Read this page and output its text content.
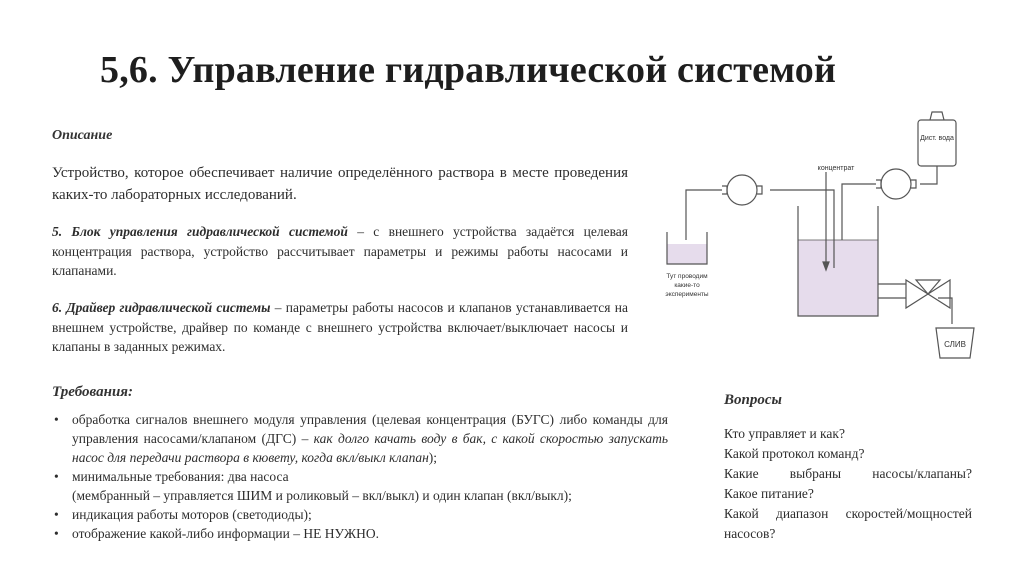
5,6. Управление гидравлической системой
Описание
Устройство, которое обеспечивает наличие определённого раствора в месте проведения каких-то лабораторных исследований.
5. Блок управления гидравлической системой – с внешнего устройства задаётся целевая концентрация раствора, устройство рассчитывает параметры и режимы работы насосами и клапанами.
6. Драйвер гидравлической системы – параметры работы насосов и клапанов устанавливается на внешнем устройстве, драйвер по команде с внешнего устройства включает/выключает насосы и клапаны в заданных режимах.
Требования:
• обработка сигналов внешнего модуля управления (целевая концентрация (БУГС) либо команды для управления насосами/клапаном (ДГС) – как долго качать воду в бак, с какой скоростью запускать насос для передачи раствора в кювету, когда вкл/выкл клапан);
• минимальные требования: два насоса
(мембранный – управляется ШИМ и роликовый – вкл/выкл) и один клапан (вкл/выкл);
• индикация работы моторов (светодиоды);
• отображение какой-либо информации – НЕ НУЖНО.
Вопросы
Кто управляет и как?
Какой протокол команд?
Какие выбраны насосы/клапаны?
Какое питание?
Какой диапазон скоростей/мощностей
насосов?
Дист. вода
концентрат
Тут проводим
какие-то
эксперименты
СЛИВ
